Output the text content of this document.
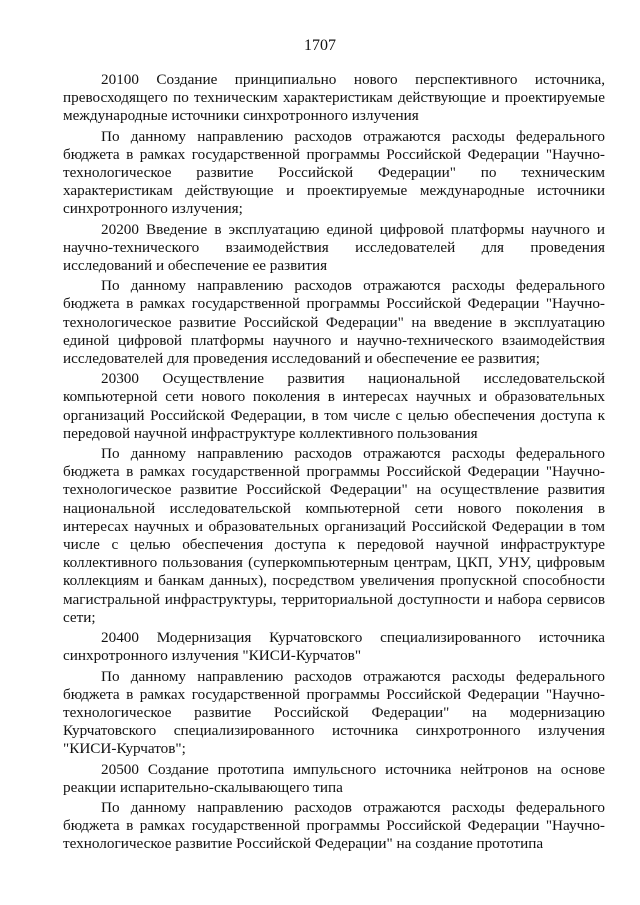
1707

20100 Создание принципиально нового перспективного источника, превосходящего по техническим характеристикам действующие и проектируемые международные источники синхротронного излучения

По данному направлению расходов отражаются расходы федерального бюджета в рамках государственной программы Российской Федерации "Научно-технологическое развитие Российской Федерации" по техническим характеристикам действующие и проектируемые международные источники синхротронного излучения;

20200 Введение в эксплуатацию единой цифровой платформы научного и научно-технического взаимодействия исследователей для проведения исследований и обеспечение ее развития

По данному направлению расходов отражаются расходы федерального бюджета в рамках государственной программы Российской Федерации "Научно-технологическое развитие Российской Федерации" на введение в эксплуатацию единой цифровой платформы научного и научно-технического взаимодействия исследователей для проведения исследований и обеспечение ее развития;

20300 Осуществление развития национальной исследовательской компьютерной сети нового поколения в интересах научных и образовательных организаций Российской Федерации, в том числе с целью обеспечения доступа к передовой научной инфраструктуре коллективного пользования

По данному направлению расходов отражаются расходы федерального бюджета в рамках государственной программы Российской Федерации "Научно-технологическое развитие Российской Федерации" на осуществление развития национальной исследовательской компьютерной сети нового поколения в интересах научных и образовательных организаций Российской Федерации в том числе с целью обеспечения доступа к передовой научной инфраструктуре коллективного пользования (суперкомпьютерным центрам, ЦКП, УНУ, цифровым коллекциям и банкам данных), посредством увеличения пропускной способности магистральной инфраструктуры, территориальной доступности и набора сервисов сети;

20400 Модернизация Курчатовского специализированного источника синхротронного излучения "КИСИ-Курчатов"

По данному направлению расходов отражаются расходы федерального бюджета в рамках государственной программы Российской Федерации "Научно-технологическое развитие Российской Федерации" на модернизацию Курчатовского специализированного источника синхротронного излучения "КИСИ-Курчатов";

20500 Создание прототипа импульсного источника нейтронов на основе реакции испарительно-скалывающего типа

По данному направлению расходов отражаются расходы федерального бюджета в рамках государственной программы Российской Федерации "Научно-технологическое развитие Российской Федерации" на создание прототипа
